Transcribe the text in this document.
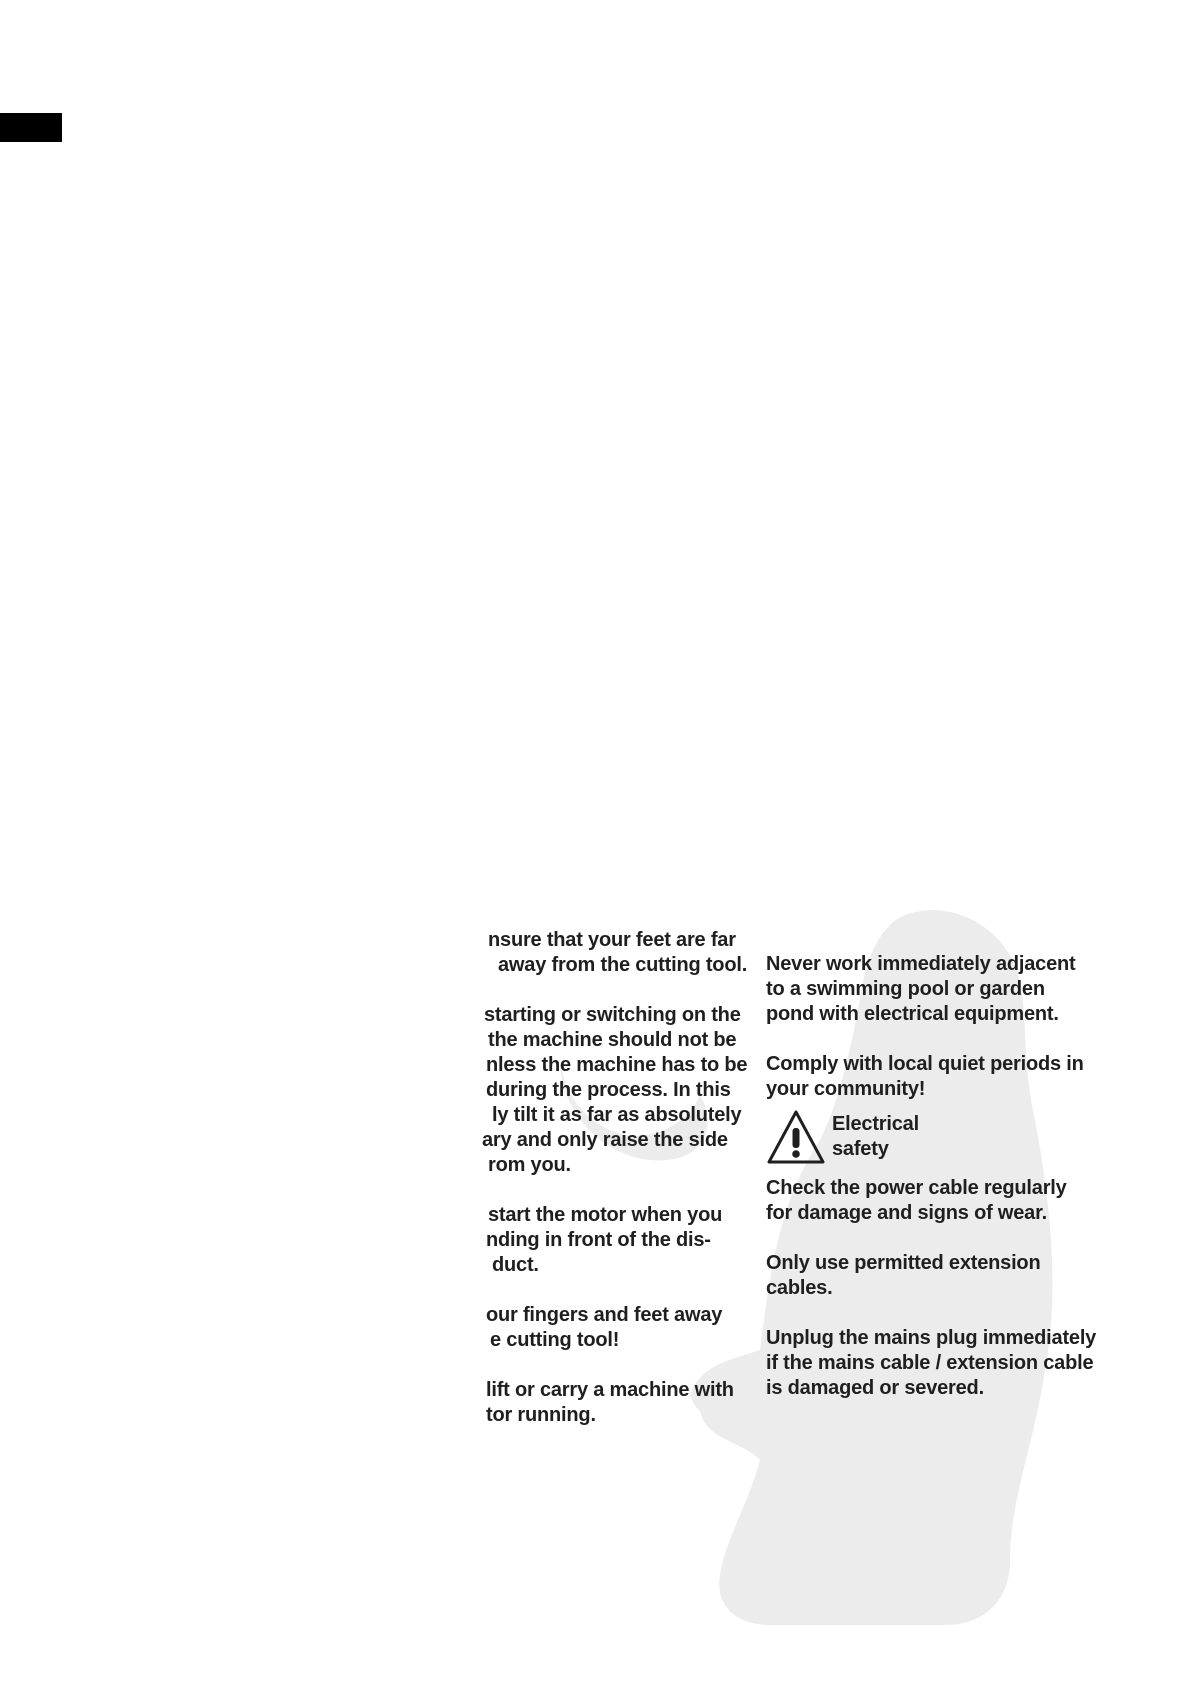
nsure that your feet are far
away from the cutting tool.
starting or switching on the
the machine should not be
nless the machine has to be
during the process. In this
ly tilt it as far as absolutely
ary and only raise the side
rom you.
start the motor when you
nding in front of the dis-
duct.
our fingers and feet away
e cutting tool!
lift or carry a machine with
tor running.
Never work immediately adjacent
to a swimming pool or garden
pond with electrical equipment.
Comply with local quiet periods in
your community!
Electrical
safety
Check the power cable regularly
for damage and signs of wear.
Only use permitted extension
cables.
Unplug the mains plug immediately
if the mains cable / extension cable
is damaged or severed.
